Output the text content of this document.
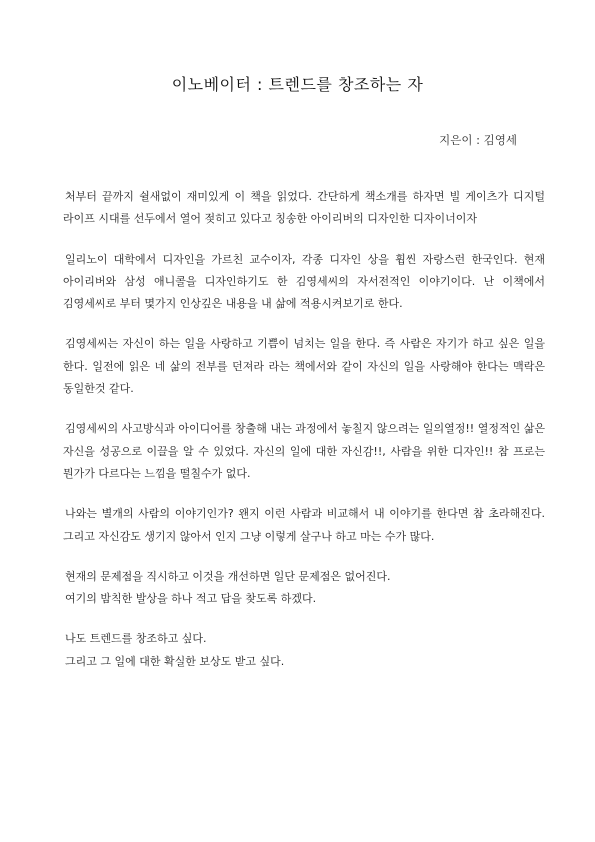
이노베이터 : 트렌드를 창조하는 자
지은이 : 김영세

처부터 끝까지 쉴새없이 재미있게 이 책을 읽었다. 간단하게 책소개를 하자면 빌 게이츠가 디지털 라이프 시대를 선두에서 열어 젖히고 있다고 칭송한 아이리버의 디자인한 디자이너이자

일리노이 대학에서 디자인을 가르친 교수이자, 각종 디자인 상을 휩씬 자랑스런 한국인다. 현재 아이리버와 삼성 애니콜을 디자인하기도 한 김영세씨의 자서전적인 이야기이다. 난 이책에서 김영세씨로 부터 몇가지 인상깊은 내용을 내 삶에 적용시켜보기로 한다.

김영세씨는 자신이 하는 일을 사랑하고 기쁨이 넘치는 일을 한다. 즉 사람은 자기가 하고 싶은 일을 한다. 일전에 읽은 네 삶의 전부를 던져라 라는 책에서와 같이 자신의 일을 사랑해야 한다는 맥락은 동일한것 같다.

김영세씨의 사고방식과 아이디어를 창출해 내는 과정에서 놓칠지 않으려는 일의열정!! 열정적인 삶은 자신을 성공으로 이끌을 알 수 있었다. 자신의 일에 대한 자신감!!, 사람을 위한 디자인!! 참 프로는 뭔가가 다르다는 느낌을 떨칠수가 없다.

나와는 별개의 사람의 이야기인가? 왠지 이런 사람과 비교해서 내 이야기를 한다면 참 초라해진다. 그리고 자신감도 생기지 않아서 인지 그냥 이렇게 살구나 하고 마는 수가 많다.

현재의 문제점을 직시하고 이것을 개선하면 일단 문제점은 없어진다.

여기의 밤칙한 발상을 하나 적고 답을 찾도록 하겠다.

나도 트렌드를 창조하고 싶다.

그리고 그 일에 대한 확실한 보상도 받고 싶다.
